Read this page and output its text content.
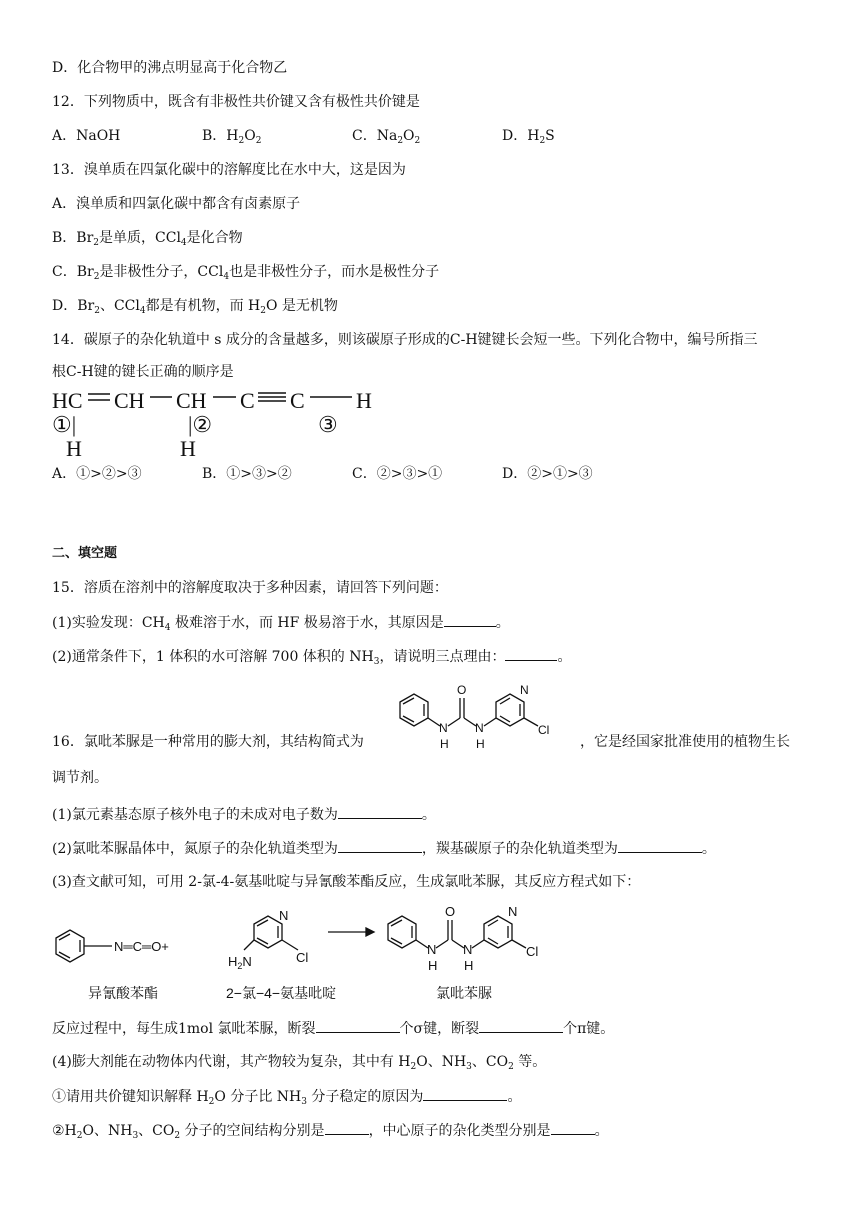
D．化合物甲的沸点明显高于化合物乙
12．下列物质中，既含有非极性共价键又含有极性共价键是
A．NaOH	B．$H_2O_2$	C．$Na_2O_2$	D．$H_2S$
13．溴单质在四氯化碳中的溶解度比在水中大，这是因为
A．溴单质和四氯化碳中都含有卤素原子
B．$Br_2$是单质，CCl$_4$是化合物
C．$Br_2$是非极性分子，CCl$_4$也是非极性分子，而水是极性分子
D．$Br_2$、CCl$_4$都是有机物，而 $H_2O$ 是无机物
14．碳原子的杂化轨道中 s 成分的含量越多，则该碳原子形成的C-H键键长会短一些。下列化合物中，编号所指三
根C-H键的键长正确的顺序是
HC CH CH C C H
①|	|②	③
H	H
A．①>②>③	B．①>③>②	C．②>③>①	D．②>①>③
二、填空题
15．溶质在溶剂中的溶解度取决于多种因素，请回答下列问题：
(1)实验发现：$CH_4$ 极难溶于水，而 HF 极易溶于水，其原因是	。
(2)通常条件下，1 体积的水可溶解 700 体积的 $NH_3$，请说明三点理由：	。
16．氯吡苯脲是一种常用的膨大剂，其结构简式为
O
N N
H H
N
Cl
，它是经国家批准使用的植物生长
调节剂。
(1)氯元素基态原子核外电子的未成对电子数为	。
(2)氯吡苯脲晶体中，氮原子的杂化轨道类型为	，羰基碳原子的杂化轨道类型为	。
(3)查文献可知，可用 2-氯-4-氨基吡啶与异氰酸苯酯反应，生成氯吡苯脲，其反应方程式如下：
N═C═O+
N
$H_2N$	Cl
O
N N
H H
N
Cl
异氰酸苯酯	2−氯−4−氨基吡啶	氯吡苯脲
反应过程中，每生成1mol 氯吡苯脲，断裂	个σ键，断裂	个π键。
(4)膨大剂能在动物体内代谢，其产物较为复杂，其中有 $H_2O$、$NH_3$、$CO_2$ 等。
①请用共价键知识解释 $H_2O$ 分子比 $NH_3$ 分子稳定的原因为	。
$②H_2O$、$NH_3$、$CO_2$ 分子的空间结构分别是	，中心原子的杂化类型分别是	。
